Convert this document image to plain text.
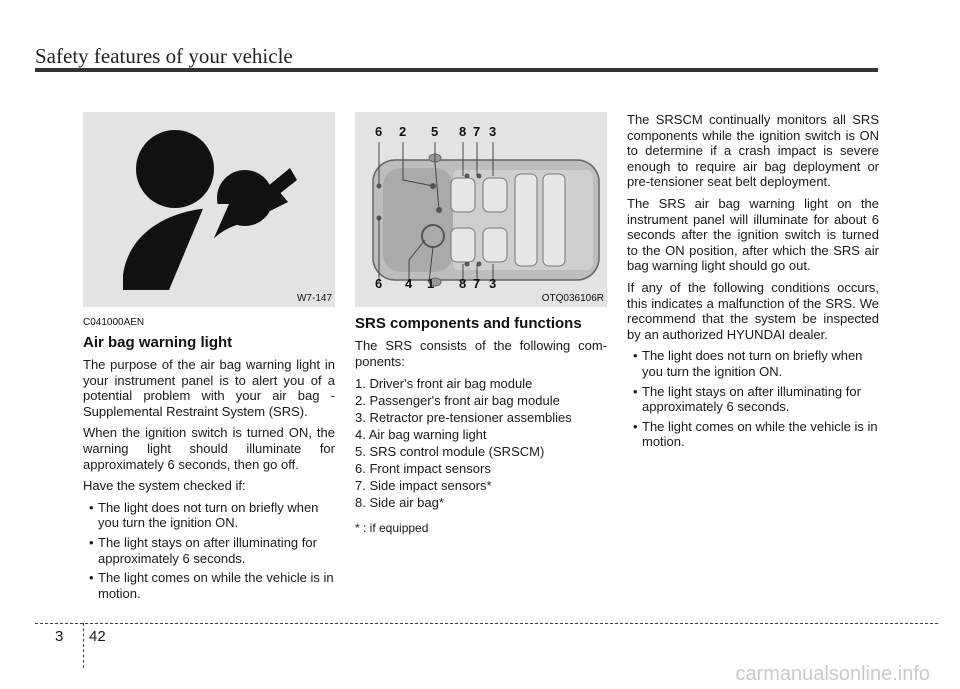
Safety features of your vehicle
W7-147
C041000AEN
Air bag warning light

The purpose of the air bag warning light in your instrument panel is to alert you of a potential problem with your air bag - Supplemental Restraint System (SRS).

When the ignition switch is turned ON, the warning light should illuminate for approximately 6 seconds, then go off.

Have the system checked if:

• The light does not turn on briefly when you turn the ignition ON.
• The light stays on after illuminating for approximately 6 seconds.
• The light comes on while the vehicle is in motion.
6 2 5 8 7 3
6 4 1 8 7 3
OTQ036106R
SRS components and functions

The SRS consists of the following com-ponents:

1. Driver's front air bag module
2. Passenger's front air bag module
3. Retractor pre-tensioner assemblies
4. Air bag warning light
5. SRS control module (SRSCM)
6. Front impact sensors
7. Side impact sensors*
8. Side air bag*
* : if equipped

The SRSCM continually monitors all SRS components while the ignition switch is ON to determine if a crash impact is severe enough to require air bag deployment or pre-tensioner seat belt deployment.

The SRS air bag warning light on the instrument panel will illuminate for about 6 seconds after the ignition switch is turned to the ON position, after which the SRS air bag warning light should go out.

If any of the following conditions occurs, this indicates a malfunction of the SRS. We recommend that the system be inspected by an authorized HYUNDAI dealer.

• The light does not turn on briefly when you turn the ignition ON.
• The light stays on after illuminating for approximately 6 seconds.
• The light comes on while the vehicle is in motion.
3 42
carmanualsonline.info
